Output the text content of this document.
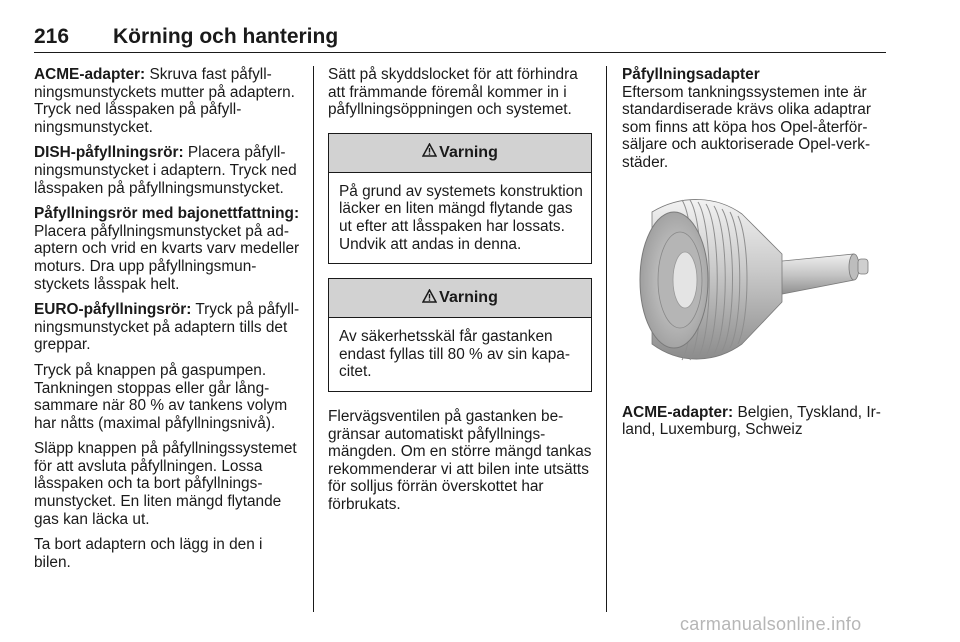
216 Körning och hantering

ACME-adapter: Skruva fast påfyllningsmunstyckets mutter på adaptern. Tryck ned låsspaken på påfyllningsmunstycket.

DISH-påfyllningsrör: Placera påfyllningsmunstycket i adaptern. Tryck ned låsspaken på påfyllningsmunstycket.

Påfyllningsrör med bajonettfattning:
Placera påfyllningsmunstycket på adaptern och vrid en kvarts varv medeller moturs. Dra upp påfyllningsmunstyckets låsspak helt.

EURO-påfyllningsrör: Tryck på påfyllningsmunstycket på adaptern tills det greppar.

Tryck på knappen på gaspumpen. Tankningen stoppas eller går långsammare när 80 % av tankens volym har nåtts (maximal påfyllningsnivå).

Släpp knappen på påfyllningssystemet för att avsluta påfyllningen. Lossa låsspaken och ta bort påfyllningsmunstycket. En liten mängd flytande gas kan läcka ut.

Ta bort adaptern och lägg in den i bilen.

Sätt på skyddslocket för att förhindra att främmande föremål kommer in i påfyllningsöppningen och systemet.

Varning
På grund av systemets konstruktion läcker en liten mängd flytande gas ut efter att låsspaken har lossats. Undvik att andas in denna.
Varning
Av säkerhetsskäl får gastanken endast fyllas till 80 % av sin kapacitet.

Flervägsventilen på gastanken begränsar automatiskt påfyllningsmängden. Om en större mängd tankas rekommenderar vi att bilen inte utsätts för solljus förrän överskottet har förbrukats.

Påfyllningsadapter

Eftersom tankningssystemen inte är standardiserade krävs olika adaptrar som finns att köpa hos Opel-återförsäljare och auktoriserade Opel-verkstäder.

ACME-adapter: Belgien, Tyskland, Irland, Luxemburg, Schweiz
carmanualsonline.info
